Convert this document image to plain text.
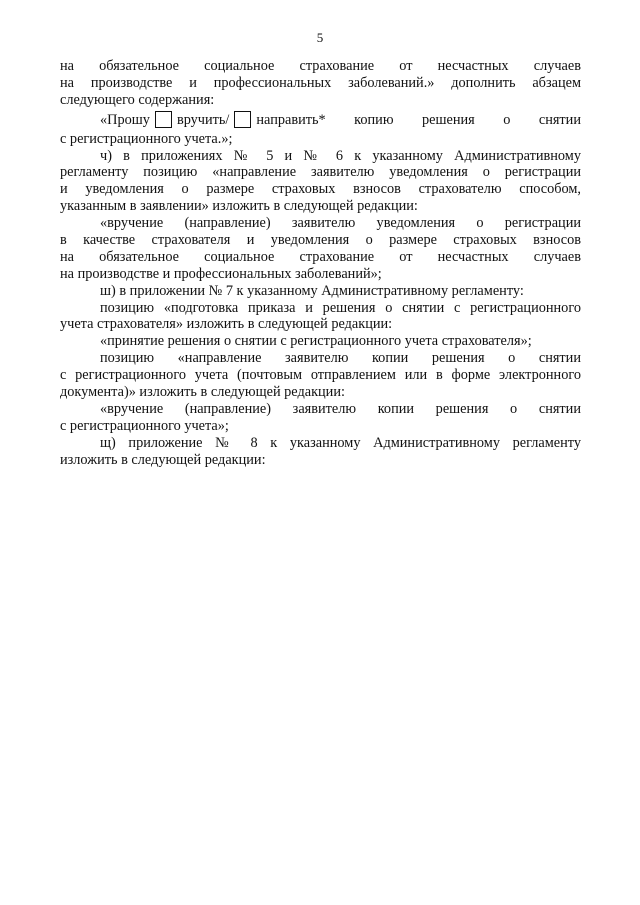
5
на обязательное социальное страхование от несчастных случаев
на производстве и профессиональных заболеваний.» дополнить абзацем
следующего содержания:
«Прошу вручить/ направить* копию решения о снятии
с регистрационного учета.»;
ч) в приложениях № 5 и № 6 к указанному Административному
регламенту позицию «направление заявителю уведомления о регистрации
и уведомления о размере страховых взносов страхователю способом,
указанным в заявлении» изложить в следующей редакции:
«вручение (направление) заявителю уведомления о регистрации
в качестве страхователя и уведомления о размере страховых взносов
на обязательное социальное страхование от несчастных случаев
на производстве и профессиональных заболеваний»;
ш) в приложении № 7 к указанному Административному регламенту:
позицию «подготовка приказа и решения о снятии с регистрационного
учета страхователя» изложить в следующей редакции:
«принятие решения о снятии с регистрационного учета страхователя»;
позицию «направление заявителю копии решения о снятии
с регистрационного учета (почтовым отправлением или в форме электронного
документа)» изложить в следующей редакции:
«вручение (направление) заявителю копии решения о снятии
с регистрационного учета»;
щ) приложение № 8 к указанному Административному регламенту
изложить в следующей редакции:
